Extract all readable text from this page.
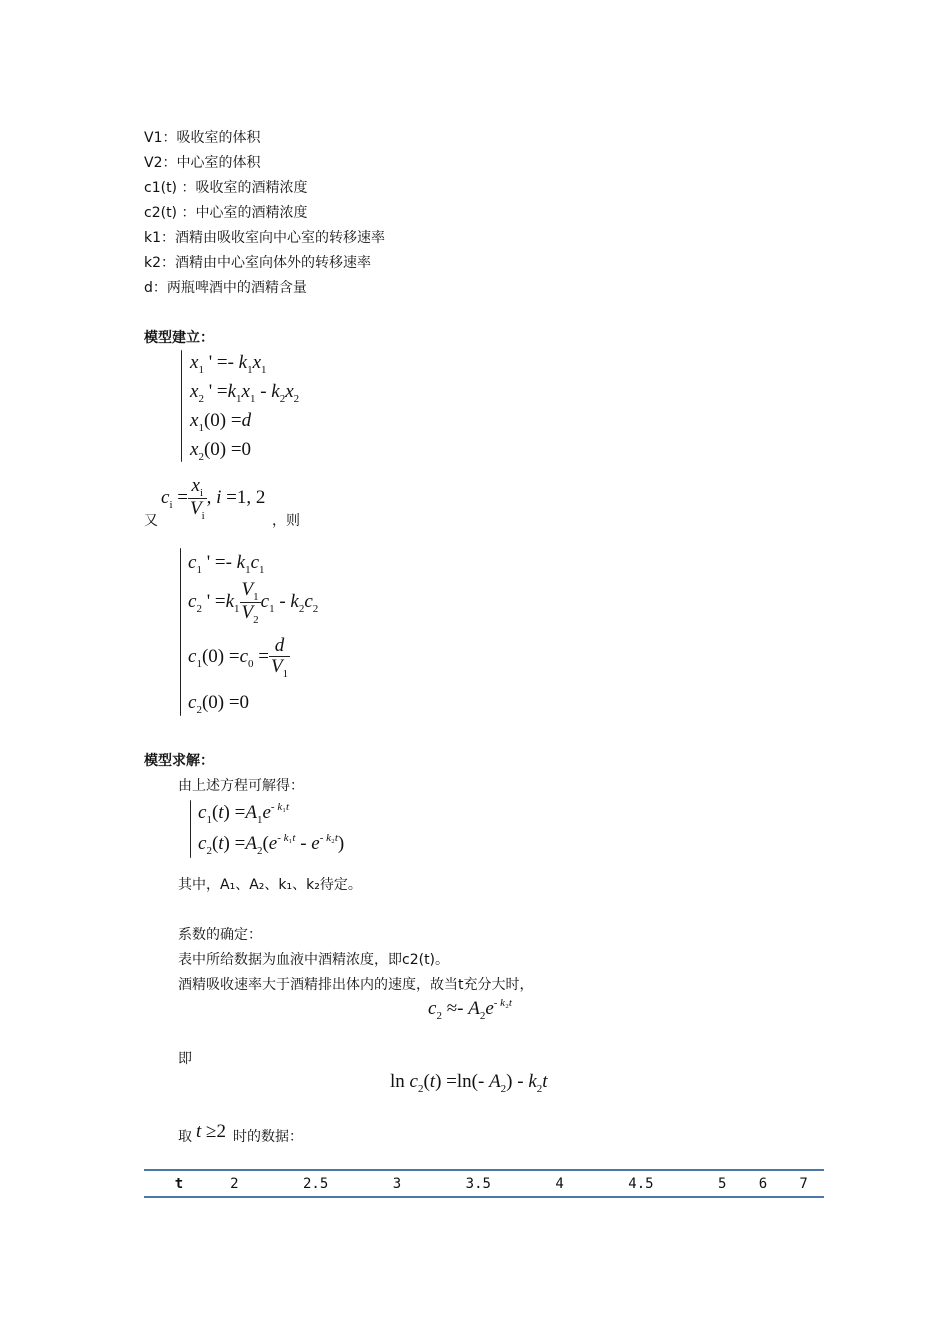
V1：吸收室的体积
V2：中心室的体积
c1(t) ：吸收室的酒精浓度
c2(t) ：中心室的酒精浓度
k1：酒精由吸收室向中心室的转移速率
k2：酒精由中心室向体外的转移速率
d：两瓶啤酒中的酒精含量
模型建立：
$x_1$ ' =- $k_1x_1$
$x_2$ ' $=k_1x_1 - k_2x_2$
$x_1(0) =d$
$x_2(0) =0$
$c_i = \frac{x_i}{V_i}$ , i =1, 2
又	，则
$c_1$ ' =- $k_1c_1$
$c_2$ ' $=k_1 \frac{V_1}{V_2} c_1 - k_2c_2$
$c_1(0) =c_0 = \frac{d}{V_1}$
$c_2(0) =0$
模型求解：
由上述方程可解得：
$c_1(t) =A_1e^{- k_1t}$
$c_2(t) =A_2(e^{- k_1t} - e^{- k_2t})$
其中，A₁、A₂、k₁、k₂待定。
系数的确定：
表中所给数据为血液中酒精浓度，即c2(t)。
酒精吸收速率大于酒精排出体内的速度，故当t充分大时，
$c_2 \approx- A_2e^{- k_2t}$
即
$\ln c_2(t) =\ln(-$ $A_2) - k_2t$
取 t ≥2 时的数据：
t	2	2.5	3	3.5	4	4.5	5	6	7
